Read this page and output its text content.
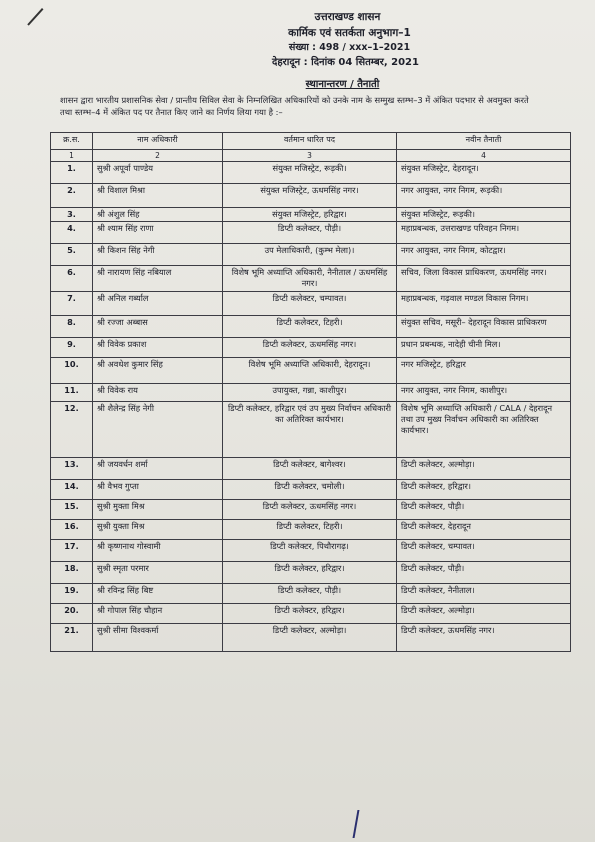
उत्तराखण्ड शासन
कार्मिक एवं सतर्कता अनुभाग–1
संख्या : 498 / xxx–1–2021
देहरादून : दिनांक 04 सितम्बर, 2021
स्थानान्तरण / तैनाती
शासन द्वारा भारतीय प्रशासनिक सेवा / प्रान्तीय सिविल सेवा के निम्नलिखित अधिकारियों को उनके नाम के सम्मुख स्तम्भ–3 में अंकित पदभार से अवमुक्त करते तथा स्तम्भ–4 में अंकित पद पर तैनात किए जाने का निर्णय लिया गया है :–
क्र.स.	नाम अधिकारी	वर्तमान धारित पद	नवीन तैनाती
1	2	3	4
1.	सुश्री अपूर्वा पाण्डेय	संयुक्त मजिस्ट्रेट, रूड़की।	संयुक्त मजिस्ट्रेट, देहरादून।
2.	श्री विशाल मिश्रा	संयुक्त मजिस्ट्रेट, ऊधमसिंह नगर।	नगर आयुक्त, नगर निगम, रूड़की।
3.	श्री अंशुल सिंह	संयुक्त मजिस्ट्रेट, हरिद्वार।	संयुक्त मजिस्ट्रेट, रूड़की।
4.	श्री श्याम सिंह राणा	डिप्टी कलेक्टर, पौड़ी।	महाप्रबन्धक, उत्तराखण्ड परिवहन निगम।
5.	श्री किशन सिंह नेगी	उप मेलाधिकारी, (कुम्भ मेला)।	नगर आयुक्त, नगर निगम, कोटद्वार।
6.	श्री नारायण सिंह नबियाल	विशेष भूमि अध्याप्ति अधिकारी, नैनीताल / ऊधमसिंह नगर।	सचिव, जिला विकास प्राधिकरण, ऊधमसिंह नगर।
7.	श्री अनिल गर्ब्याल	डिप्टी कलेक्टर, चम्पावत।	महाप्रबन्धक, गढ़वाल मण्डल विकास निगम।
8.	श्री रज्जा अब्बास	डिप्टी कलेक्टर, टिहरी।	संयुक्त सचिव, मसूरी– देहरादून विकास प्राधिकरण
9.	श्री विवेक प्रकाश	डिप्टी कलेक्टर, ऊधमसिंह नगर।	प्रधान प्रबन्धक, नादेही चीनी मिल।
10.	श्री अवधेश कुमार सिंह	विशेष भूमि अध्याप्ति अधिकारी, देहरादून।	नगर मजिस्ट्रेट, हरिद्वार
11.	श्री विवेक राय	उपायुक्त, गन्ना, काशीपुर।	नगर आयुक्त, नगर निगम, काशीपुर।
12.	श्री शैलेन्द्र सिंह नेगी	डिप्टी कलेक्टर, हरिद्वार एवं उप मुख्य निर्वाचन अधिकारी का अतिरिक्त कार्यभार।	विशेष भूमि अध्याप्ति अधिकारी / CALA / देहरादून तथा उप मुख्य निर्वाचन अधिकारी का अतिरिक्त कार्यभार।
13.	श्री जयवर्धन शर्मा	डिप्टी कलेक्टर, बागेश्वर।	डिप्टी कलेक्टर, अल्मोड़ा।
14.	श्री वैभव गुप्ता	डिप्टी कलेक्टर, चमोली।	डिप्टी कलेक्टर, हरिद्वार।
15.	सुश्री मुक्ता मिश्र	डिप्टी कलेक्टर, ऊधमसिंह नगर।	डिप्टी कलेक्टर, पौड़ी।
16.	सुश्री युक्ता मिश्र	डिप्टी कलेक्टर, टिहरी।	डिप्टी कलेक्टर, देहरादून
17.	श्री कृष्णनाथ गोस्वामी	डिप्टी कलेक्टर, पिथौरागढ़।	डिप्टी कलेक्टर, चम्पावत।
18.	सुश्री स्मृता परमार	डिप्टी कलेक्टर, हरिद्वार।	डिप्टी कलेक्टर, पौड़ी।
19.	श्री रविन्द्र सिंह बिष्ट	डिप्टी कलेक्टर, पौड़ी।	डिप्टी कलेक्टर, नैनीताल।
20.	श्री गोपाल सिंह चौहान	डिप्टी कलेक्टर, हरिद्वार।	डिप्टी कलेक्टर, अल्मोड़ा।
21.	सुश्री सीमा विश्वकर्मा	डिप्टी कलेक्टर, अल्मोड़ा।	डिप्टी कलेक्टर, ऊधमसिंह नगर।
